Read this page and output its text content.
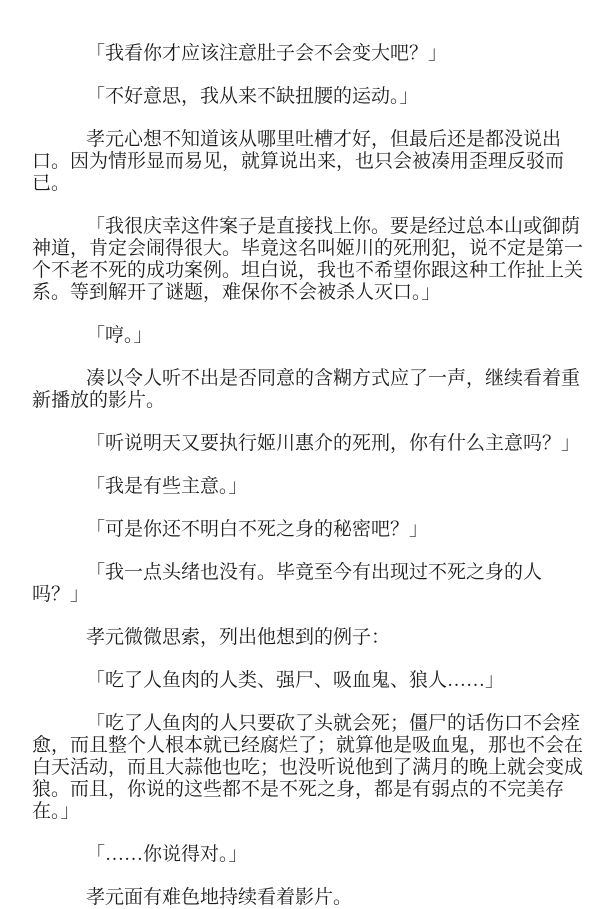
「我看你才应该注意肚子会不会变大吧？」

「不好意思，我从来不缺扭腰的运动。」

孝元心想不知道该从哪里吐槽才好，但最后还是都没说出口。因为情形显而易见，就算说出来，也只会被凑用歪理反驳而已。

「我很庆幸这件案子是直接找上你。要是经过总本山或御荫神道，肯定会闹得很大。毕竟这名叫姬川的死刑犯，说不定是第一个不老不死的成功案例。坦白说，我也不希望你跟这种工作扯上关系。等到解开了谜题，难保你不会被杀人灭口。」

「哼。」

凑以令人听不出是否同意的含糊方式应了一声，继续看着重新播放的影片。

「听说明天又要执行姬川惠介的死刑，你有什么主意吗？」

「我是有些主意。」

「可是你还不明白不死之身的秘密吧？」

「我一点头绪也没有。毕竟至今有出现过不死之身的人吗？」

孝元微微思索，列出他想到的例子：

「吃了人鱼肉的人类、强尸、吸血鬼、狼人……」

「吃了人鱼肉的人只要砍了头就会死；僵尸的话伤口不会痊愈，而且整个人根本就已经腐烂了；就算他是吸血鬼，那也不会在白天活动，而且大蒜他也吃；也没听说他到了满月的晚上就会变成狼。而且，你说的这些都不是不死之身，都是有弱点的不完美存在。」

「……你说得对。」

孝元面有难色地持续看着影片。
